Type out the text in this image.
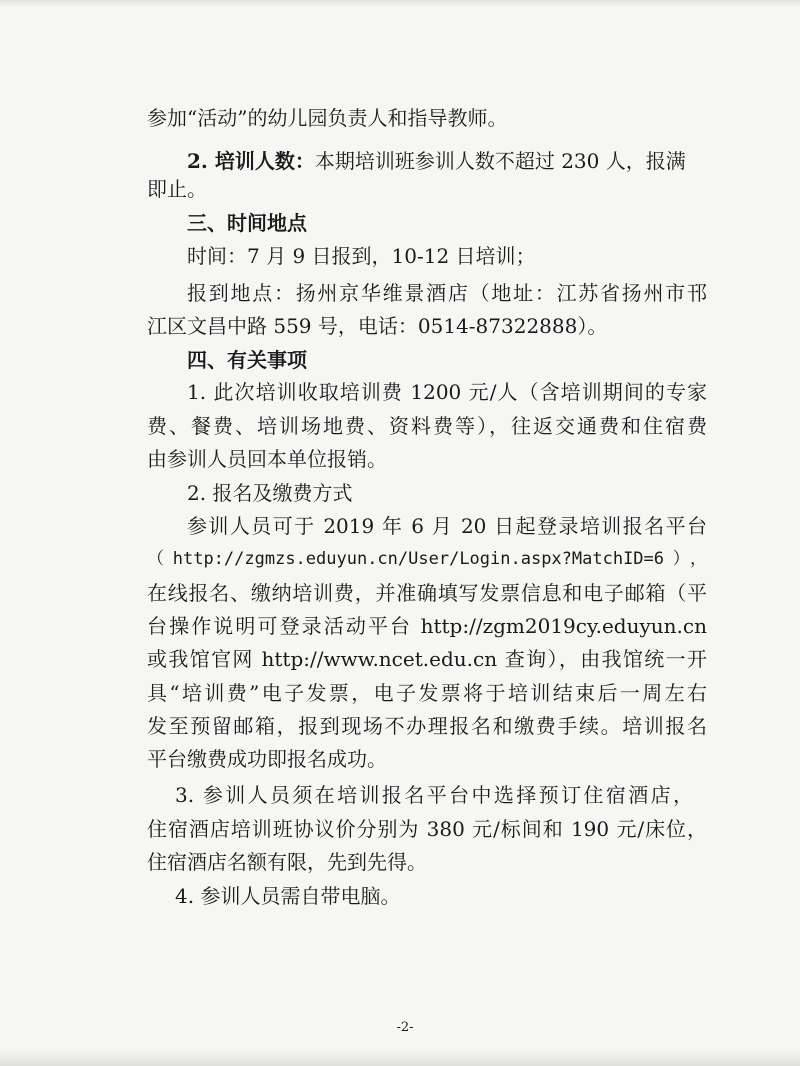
参加“活动”的幼儿园负责人和指导教师。

2. 培训人数：本期培训班参训人数不超过 230 人，报满

即止。

三、时间地点

时间：7 月 9 日报到，10-12 日培训；

报到地点：扬州京华维景酒店（地址：江苏省扬州市邗

江区文昌中路 559 号，电话：0514-87322888）。

四、有关事项

1. 此次培训收取培训费 1200 元/人（含培训期间的专家

费、餐费、培训场地费、资料费等），往返交通费和住宿费

由参训人员回本单位报销。

2. 报名及缴费方式

参训人员可于 2019 年 6 月 20 日起登录培训报名平台

（http://zgmzs.eduyun.cn/User/Login.aspx?MatchID=6），

在线报名、缴纳培训费，并准确填写发票信息和电子邮箱（平

台操作说明可登录活动平台 http://zgm2019cy.eduyun.cn

或我馆官网 http://www.ncet.edu.cn 查询），由我馆统一开

具“培训费”电子发票，电子发票将于培训结束后一周左右

发至预留邮箱，报到现场不办理报名和缴费手续。培训报名

平台缴费成功即报名成功。

3. 参训人员须在培训报名平台中选择预订住宿酒店，

住宿酒店培训班协议价分别为 380 元/标间和 190 元/床位，

住宿酒店名额有限，先到先得。

4. 参训人员需自带电脑。

-2-
